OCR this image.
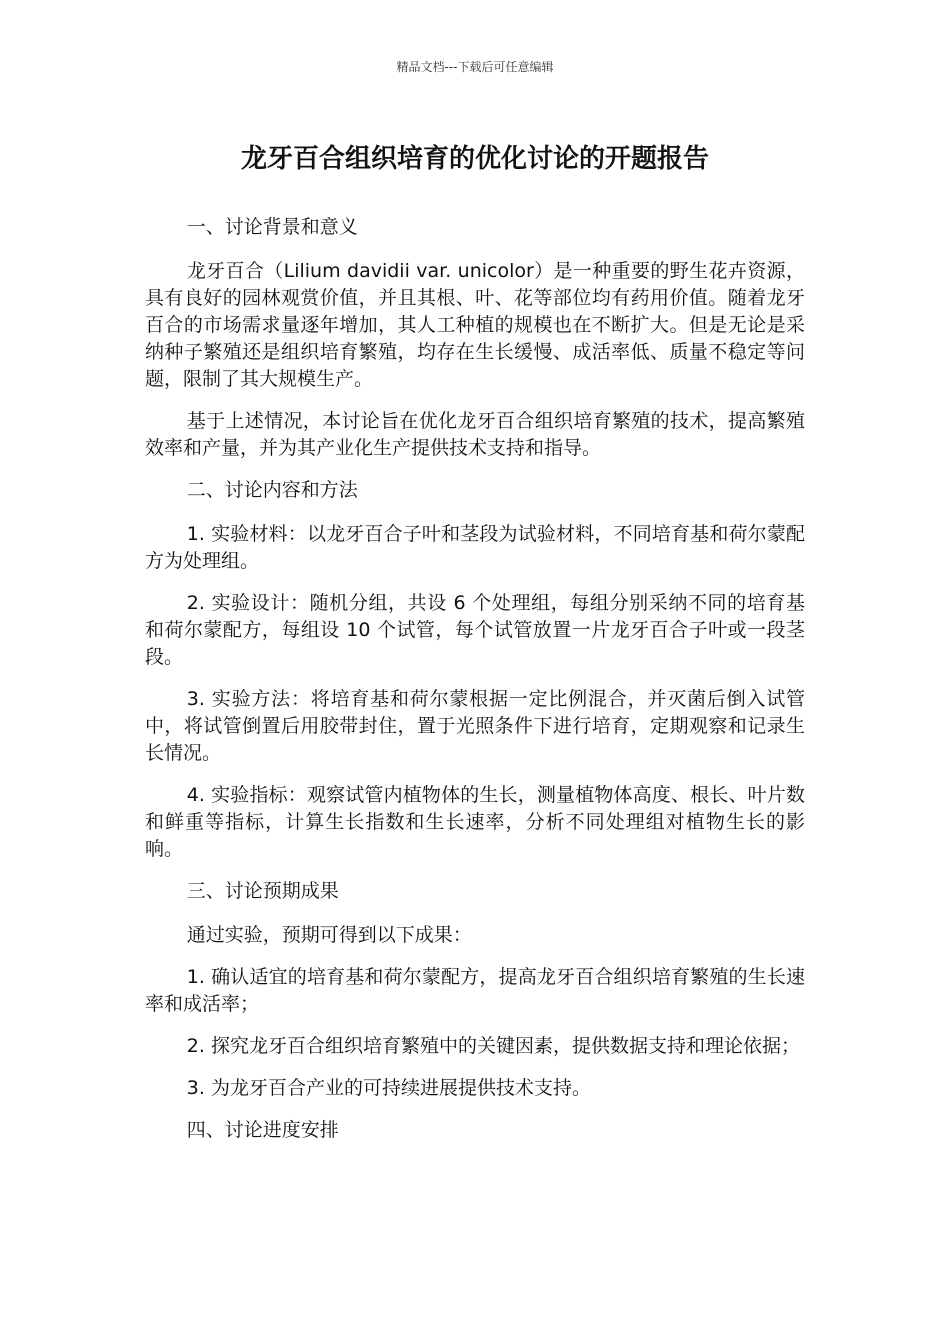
精品文档---下载后可任意编辑
龙牙百合组织培育的优化讨论的开题报告

一、讨论背景和意义

龙牙百合（Lilium davidii var. unicolor）是一种重要的野生花卉资源，具有良好的园林观赏价值，并且其根、叶、花等部位均有药用价值。随着龙牙百合的市场需求量逐年增加，其人工种植的规模也在不断扩大。但是无论是采纳种子繁殖还是组织培育繁殖，均存在生长缓慢、成活率低、质量不稳定等问题，限制了其大规模生产。

基于上述情况，本讨论旨在优化龙牙百合组织培育繁殖的技术，提高繁殖效率和产量，并为其产业化生产提供技术支持和指导。

二、讨论内容和方法

1. 实验材料：以龙牙百合子叶和茎段为试验材料，不同培育基和荷尔蒙配方为处理组。

2. 实验设计：随机分组，共设 6 个处理组，每组分别采纳不同的培育基和荷尔蒙配方，每组设 10 个试管，每个试管放置一片龙牙百合子叶或一段茎段。

3. 实验方法：将培育基和荷尔蒙根据一定比例混合，并灭菌后倒入试管中，将试管倒置后用胶带封住，置于光照条件下进行培育，定期观察和记录生长情况。

4. 实验指标：观察试管内植物体的生长，测量植物体高度、根长、叶片数和鲜重等指标，计算生长指数和生长速率，分析不同处理组对植物生长的影响。

三、讨论预期成果

通过实验，预期可得到以下成果：

1. 确认适宜的培育基和荷尔蒙配方，提高龙牙百合组织培育繁殖的生长速率和成活率；

2. 探究龙牙百合组织培育繁殖中的关键因素，提供数据支持和理论依据；

3. 为龙牙百合产业的可持续进展提供技术支持。

四、讨论进度安排
